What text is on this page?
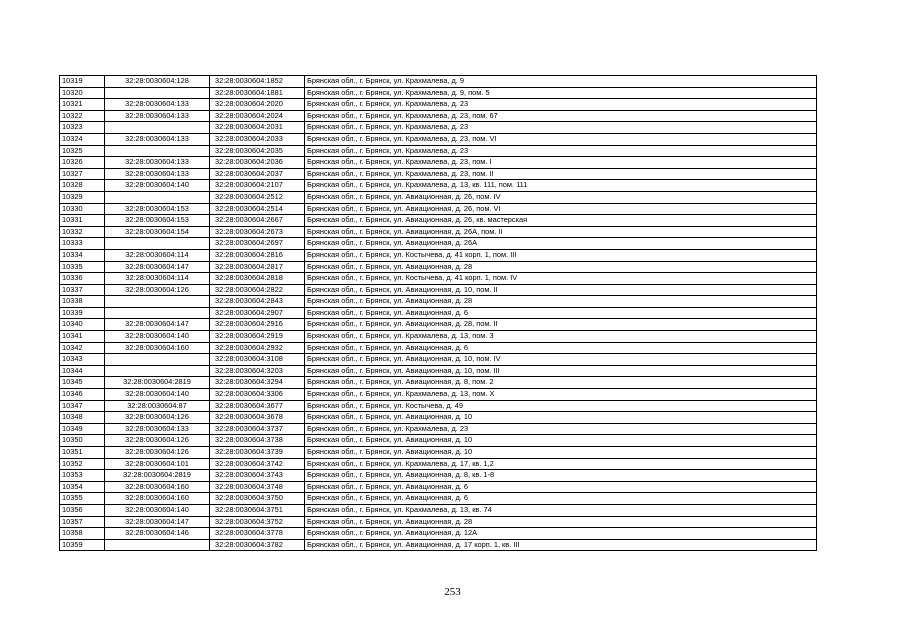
10319	32:28:0030604:128	32:28:0030604:1852	Брянская обл., г. Брянск, ул. Крахмалева, д. 9
10320		32:28:0030604:1881	Брянская обл., г. Брянск, ул. Крахмалева, д. 9, пом. 5
10321	32:28:0030604:133	32:28:0030604:2020	Брянская обл., г. Брянск, ул. Крахмалева, д. 23
10322	32:28:0030604:133	32:28:0030604:2024	Брянская обл., г. Брянск, ул. Крахмалева, д. 23, пом. 67
10323		32:28:0030604:2031	Брянская обл., г. Брянск, ул. Крахмалева, д. 23
10324	32:28:0030604:133	32:28:0030604:2033	Брянская обл., г. Брянск, ул. Крахмалева, д. 23, пом. VI
10325		32:28:0030604:2035	Брянская обл., г. Брянск, ул. Крахмалева, д. 23
10326	32:28:0030604:133	32:28:0030604:2036	Брянская обл., г. Брянск, ул. Крахмалева, д. 23, пом. I
10327	32:28:0030604:133	32:28:0030604:2037	Брянская обл., г. Брянск, ул. Крахмалева, д. 23, пом. II
10328	32:28:0030604:140	32:28:0030604:2107	Брянская обл., г. Брянск, ул. Крахмалева, д. 13, кв. 111, пом. 111
10329		32:28:0030604:2512	Брянская обл., г. Брянск, ул. Авиационная, д. 26, пом. IV
10330	32:28:0030604:153	32:28:0030604:2514	Брянская обл., г. Брянск, ул. Авиационная, д. 26, пом. VI
10331	32:28:0030604:153	32:28:0030604:2667	Брянская обл., г. Брянск, ул. Авиационная, д. 26, кв. мастерская
10332	32:28:0030604:154	32:28:0030604:2673	Брянская обл., г. Брянск, ул. Авиационная, д. 26А, пом. II
10333		32:28:0030604:2697	Брянская обл., г. Брянск, ул. Авиационная, д. 26А
10334	32:28:0030604:114	32:28:0030604:2816	Брянская обл., г. Брянск, ул. Костычева, д. 41 корп. 1, пом. III
10335	32:28:0030604:147	32:28:0030604:2817	Брянская обл., г. Брянск, ул. Авиационная, д. 28
10336	32:28:0030604:114	32:28:0030604:2818	Брянская обл., г. Брянск, ул. Костычева, д. 41 корп. 1, пом. IV
10337	32:28:0030604:126	32:28:0030604:2822	Брянская обл., г. Брянск, ул. Авиационная, д. 10, пом. II
10338		32:28:0030604:2843	Брянская обл., г. Брянск, ул. Авиационная, д. 28
10339		32:28:0030604:2907	Брянская обл., г. Брянск, ул. Авиационная, д. 6
10340	32:28:0030604:147	32:28:0030604:2916	Брянская обл., г. Брянск, ул. Авиационная, д. 28, пом. II
10341	32:28:0030604:140	32:28:0030604:2919	Брянская обл., г. Брянск, ул. Крахмалева, д. 13, пом. 3
10342	32:28:0030604:160	32:28:0030604:2932	Брянская обл., г. Брянск, ул. Авиационная, д. 6
10343		32:28:0030604:3108	Брянская обл., г. Брянск, ул. Авиационная, д. 10, пом. IV
10344		32:28:0030604:3203	Брянская обл., г. Брянск, ул. Авиационная, д. 10, пом. III
10345	32:28:0030604:2819	32:28:0030604:3294	Брянская обл., г. Брянск, ул. Авиационная, д. 8, пом. 2
10346	32:28:0030604:140	32:28:0030604:3306	Брянская обл., г. Брянск, ул. Крахмалева, д. 13, пом. X
10347	32:28:0030604:87	32:28:0030604:3677	Брянская обл., г. Брянск, ул. Костычева, д. 49
10348	32:28:0030604:126	32:28:0030604:3678	Брянская обл., г. Брянск, ул. Авиационная, д. 10
10349	32:28:0030604:133	32:28:0030604:3737	Брянская обл., г. Брянск, ул. Крахмалева, д. 23
10350	32:28:0030604:126	32:28:0030604:3738	Брянская обл., г. Брянск, ул. Авиационная, д. 10
10351	32:28:0030604:126	32:28:0030604:3739	Брянская обл., г. Брянск, ул. Авиационная, д. 10
10352	32:28:0030604:101	32:28:0030604:3742	Брянская обл., г. Брянск, ул. Крахмалева, д. 17, кв. 1,2
10353	32:28:0030604:2819	32:28:0030604:3743	Брянская обл., г. Брянск, ул. Авиационная, д. 8, кв. 1-8
10354	32:28:0030604:160	32:28:0030604:3748	Брянская обл., г. Брянск, ул. Авиационная, д. 6
10355	32:28:0030604:160	32:28:0030604:3750	Брянская обл., г. Брянск, ул. Авиационная, д. 6
10356	32:28:0030604:140	32:28:0030604:3751	Брянская обл., г. Брянск, ул. Крахмалева, д. 13, кв. 74
10357	32:28:0030604:147	32:28:0030604:3752	Брянская обл., г. Брянск, ул. Авиационная, д. 28
10358	32:28:0030604:146	32:28:0030604:3778	Брянская обл., г. Брянск, ул. Авиационная, д. 12А
10359		32:28:0030604:3782	Брянская обл., г. Брянск, ул. Авиационная, д. 17 корп. 1, кв. III
253
